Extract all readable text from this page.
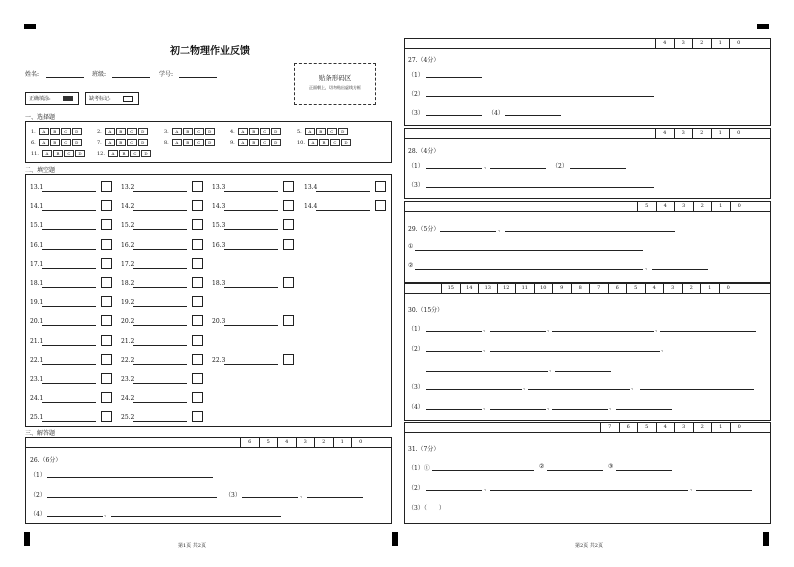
初二物理作业反馈
姓名:	班级:	学号:	贴条形码区
正面朝上，切勿贴出虚线方框
正确填涂:	缺考标记:
一、选择题
1.	A	B	C	D	2.	A	B	C	D	3.	A	B	C	D	4.	A	B	C	D	5.	A	B	C	D
6.	A	B	C	D	7.	A	B	C	D	8.	A	B	C	D	9.	A	B	C	D	10.	A	B	C	D
11.	A	B	C	D	12.	A	B	C	D
二、填空题
13.1	13.2	13.3	13.4
14.1	14.2	14.3	14.4
15.1	15.2	15.3
16.1	16.2	16.3
17.1	17.2
18.1	18.2	18.3
19.1	19.2
20.1	20.2	20.3
21.1	21.2
22.1	22.2	22.3
23.1	23.2
24.1	24.2
25.1	25.2
三、解答题
6	5	4	3	2	1	0
26.（6分）
（1）
（2）	（3）	、
（4）	、
第1页 共2页
4	3	2	1	0
27.（4分）
（1）
（2）
（3）	（4）
4	3	2	1	0
28.（4分）
（1）	、	（2）
（3）
5	4	3	2	1	0
29.（5分）	、
①
②	、
15	14	13	12	11	10	9	8	7	6	5	4	3	2	1	0
30.（15分）
（1）	、	、	、
（2）	、	、
、
（3）	、	、
（4）	、	、	、
7	6	5	4	3	2	1	0
31.（7分）
（1）①	②	③
（2）	、	、
（3）（　　）
第2页 共2页
